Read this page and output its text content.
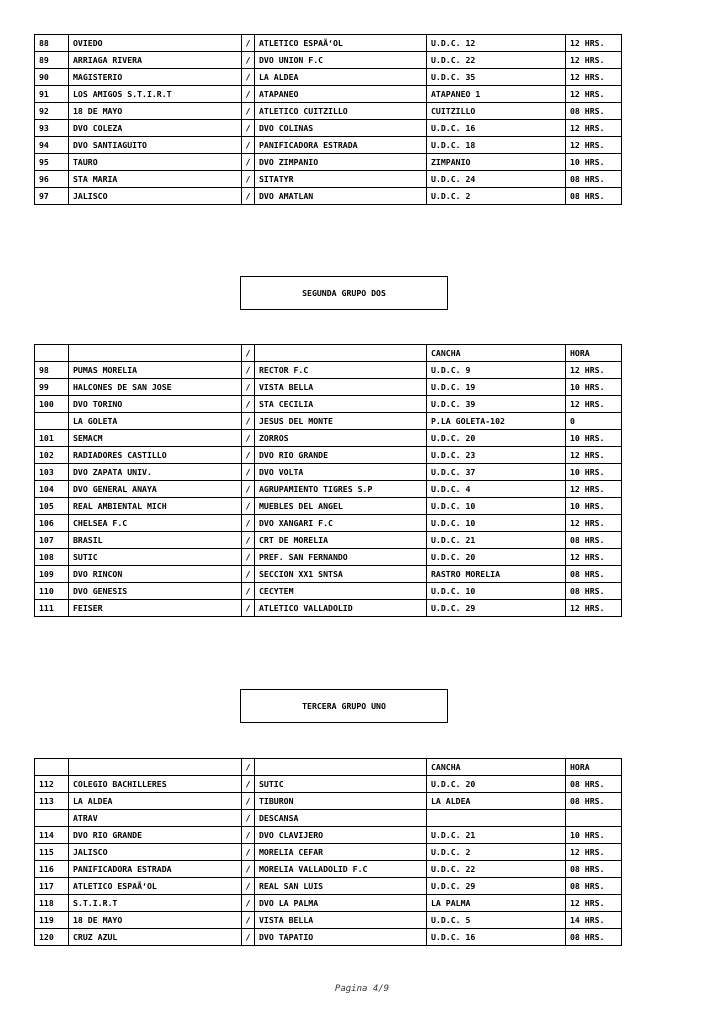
88	OVIEDO	/	ATLETICO ESPAÃ‘OL	U.D.C. 12	12 HRS.
89	ARRIAGA RIVERA	/	DVO UNION F.C	U.D.C. 22	12 HRS.
90	MAGISTERIO	/	LA ALDEA	U.D.C. 35	12 HRS.
91	LOS AMIGOS S.T.I.R.T	/	ATAPANEO	ATAPANEO 1	12 HRS.
92	18 DE MAYO	/	ATLETICO CUITZILLO	CUITZILLO	08 HRS.
93	DVO COLEZA	/	DVO COLINAS	U.D.C. 16	12 HRS.
94	DVO SANTIAGUITO	/	PANIFICADORA ESTRADA	U.D.C. 18	12 HRS.
95	TAURO	/	DVO ZIMPANIO	ZIMPANIO	10 HRS.
96	STA MARIA	/	SITATYR	U.D.C. 24	08 HRS.
97	JALISCO	/	DVO AMATLAN	U.D.C. 2	08 HRS.
SEGUNDA GRUPO DOS
		/		CANCHA	HORA
98	PUMAS MORELIA	/	RECTOR F.C	U.D.C. 9	12 HRS.
99	HALCONES DE SAN JOSE	/	VISTA BELLA	U.D.C. 19	10 HRS.
100	DVO TORINO	/	STA CECILIA	U.D.C. 39	12 HRS.
	LA GOLETA	/	JESUS DEL MONTE	P.LA GOLETA-102	0
101	SEMACM	/	ZORROS	U.D.C. 20	10 HRS.
102	RADIADORES CASTILLO	/	DVO RIO GRANDE	U.D.C. 23	12 HRS.
103	DVO ZAPATA UNIV.	/	DVO VOLTA	U.D.C. 37	10 HRS.
104	DVO GENERAL ANAYA	/	AGRUPAMIENTO TIGRES S.P	U.D.C. 4	12 HRS.
105	REAL AMBIENTAL MICH	/	MUEBLES DEL ANGEL	U.D.C. 10	10 HRS.
106	CHELSEA F.C	/	DVO XANGARI F.C	U.D.C. 10	12 HRS.
107	BRASIL	/	CRT DE MORELIA	U.D.C. 21	08 HRS.
108	SUTIC	/	PREF. SAN FERNANDO	U.D.C. 20	12 HRS.
109	DVO RINCON	/	SECCION XX1 SNTSA	RASTRO MORELIA	08 HRS.
110	DVO GENESIS	/	CECYTEM	U.D.C. 10	08 HRS.
111	FEISER	/	ATLETICO VALLADOLID	U.D.C. 29	12 HRS.
TERCERA GRUPO UNO
		/		CANCHA	HORA
112	COLEGIO BACHILLERES	/	SUTIC	U.D.C. 20	08 HRS.
113	LA ALDEA	/	TIBURON	LA ALDEA	08 HRS.
	ATRAV	/	DESCANSA		
114	DVO RIO GRANDE	/	DVO CLAVIJERO	U.D.C. 21	10 HRS.
115	JALISCO	/	MORELIA CEFAR	U.D.C. 2	12 HRS.
116	PANIFICADORA ESTRADA	/	MORELIA VALLADOLID F.C	U.D.C. 22	08 HRS.
117	ATLETICO ESPAÃ‘OL	/	REAL SAN LUIS	U.D.C. 29	08 HRS.
118	S.T.I.R.T	/	DVO LA PALMA	LA PALMA	12 HRS.
119	18 DE MAYO	/	VISTA BELLA	U.D.C. 5	14 HRS.
120	CRUZ AZUL	/	DVO TAPATIO	U.D.C. 16	08 HRS.
Pagina 4/9
